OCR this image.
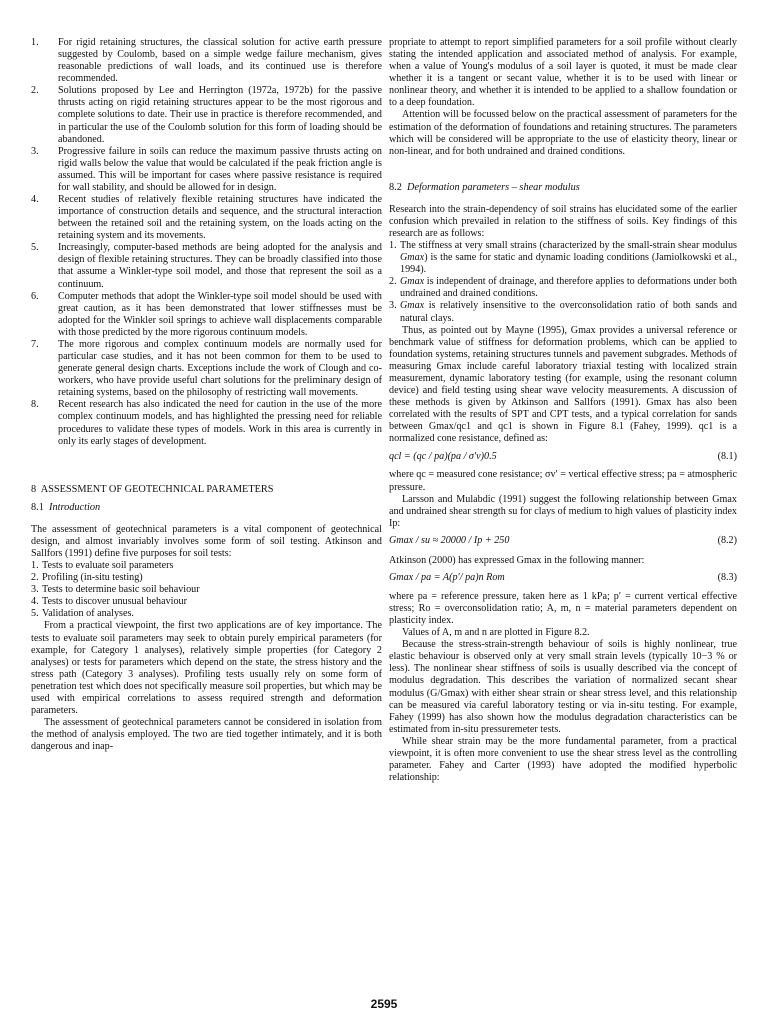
1. For rigid retaining structures, the classical solution for active earth pressure suggested by Coulomb, based on a simple wedge failure mechanism, gives reasonable predictions of wall loads, and its continued use is therefore recommended.
2. Solutions proposed by Lee and Herrington (1972a, 1972b) for the passive thrusts acting on rigid retaining structures appear to be the most rigorous and complete solutions to date. Their use in practice is therefore recommended, and in particular the use of the Coulomb solution for this form of loading should be abandoned.
3. Progressive failure in soils can reduce the maximum passive thrusts acting on rigid walls below the value that would be calculated if the peak friction angle is assumed. This will be important for cases where passive resistance is required for wall stability, and should be allowed for in design.
4. Recent studies of relatively flexible retaining structures have indicated the importance of construction details and sequence, and the structural interaction between the retained soil and the retaining system, on the loads acting on the retaining system and its movements.
5. Increasingly, computer-based methods are being adopted for the analysis and design of flexible retaining structures. They can be broadly classified into those that assume a Winkler-type soil model, and those that represent the soil as a continuum.
6. Computer methods that adopt the Winkler-type soil model should be used with great caution, as it has been demonstrated that lower stiffnesses must be adopted for the Winkler soil springs to achieve wall displacements comparable with those predicted by the more rigorous continuum models.
7. The more rigorous and complex continuum models are normally used for particular case studies, and it has not been common for them to be used to generate general design charts. Exceptions include the work of Clough and co-workers, who have provide useful chart solutions for the preliminary design of retaining systems, based on the philosophy of restricting wall movements.
8. Recent research has also indicated the need for caution in the use of the more complex continuum models, and has highlighted the pressing need for reliable procedures to validate these types of models. Work in this area is currently in only its early stages of development.

8  ASSESSMENT OF GEOTECHNICAL PARAMETERS

8.1 Introduction

The assessment of geotechnical parameters is a vital component of geotechnical design, and almost invariably involves some form of soil testing. Atkinson and Sallfors (1991) define five purposes for soil tests:

1. Tests to evaluate soil parameters
2. Profiling (in-situ testing)
3. Tests to determine basic soil behaviour
4. Tests to discover unusual behaviour
5. Validation of analyses.

From a practical viewpoint, the first two applications are of key importance. The tests to evaluate soil parameters may seek to obtain purely empirical parameters (for example, for Category 1 analyses), relatively simple properties (for Category 2 analyses) or tests for parameters which depend on the state, the stress history and the stress path (Category 3 analyses). Profiling tests usually rely on some form of penetration test which does not specifically measure soil properties, but which may be used with empirical correlations to assess required strength and deformation parameters.

The assessment of geotechnical parameters cannot be considered in isolation from the method of analysis employed. The two are tied together intimately, and it is both dangerous and inap-

propriate to attempt to report simplified parameters for a soil profile without clearly stating the intended application and associated method of analysis. For example, when a value of Young's modulus of a soil layer is quoted, it must be made clear whether it is a tangent or secant value, whether it is to be used with linear or nonlinear theory, and whether it is intended to be applied to a shallow foundation or to a deep foundation.

Attention will be focussed below on the practical assessment of parameters for the estimation of the deformation of foundations and retaining structures. The parameters which will be considered will be appropriate to the use of elasticity theory, linear or non-linear, and for both undrained and drained conditions.

8.2 Deformation parameters – shear modulus

Research into the strain-dependency of soil strains has elucidated some of the earlier confusion which prevailed in relation to the stiffness of soils. Key findings of this research are as follows:

1. The stiffness at very small strains (characterized by the small-strain shear modulus Gmax) is the same for static and dynamic loading conditions (Jamiolkowski et al., 1994).
2. Gmax is independent of drainage, and therefore applies to deformations under both undrained and drained conditions.
3. Gmax is relatively insensitive to the overconsolidation ratio of both sands and natural clays.

Thus, as pointed out by Mayne (1995), Gmax provides a universal reference or benchmark value of stiffness for deformation problems, which can be applied to foundation systems, retaining structures tunnels and pavement subgrades. Methods of measuring Gmax include careful laboratory triaxial testing with localized strain measurement, dynamic laboratory testing (for example, using the resonant column device) and field testing using shear wave velocity measurements. A discussion of these methods is given by Atkinson and Sallfors (1991). Gmax has also been correlated with the results of SPT and CPT tests, and a typical correlation for sands between Gmax/qc1 and qc1 is shown in Figure 8.1 (Fahey, 1999). qc1 is a normalized cone resistance, defined as:

qcl = (qc / pa)(pa / σ′v)0.5	(8.1)

where qc = measured cone resistance; σv′ = vertical effective stress; pa = atmospheric pressure.

Larsson and Mulabdic (1991) suggest the following relationship between Gmax and undrained shear strength su for clays of medium to high values of plasticity index Ip:

Gmax / su ≈ 20000 / Ip + 250	(8.2)

Atkinson (2000) has expressed Gmax in the following manner:

Gmax / pa = A(p′/ pa)n Rom	(8.3)

where pa = reference pressure, taken here as 1 kPa; p′ = current vertical effective stress; Ro = overconsolidation ratio; A, m, n = material parameters dependent on plasticity index.

Values of A, m and n are plotted in Figure 8.2.

Because the stress-strain-strength behaviour of soils is highly nonlinear, true elastic behaviour is observed only at very small strain levels (typically 10−3 % or less). The nonlinear shear stiffness of soils is usually described via the concept of modulus degradation. This describes the variation of normalized secant shear modulus (G/Gmax) with either shear strain or shear stress level, and this relationship can be measured via careful laboratory testing or via in-situ testing. For example, Fahey (1999) has also shown how the modulus degradation characteristics can be estimated from in-situ pressuremeter tests.

While shear strain may be the more fundamental parameter, from a practical viewpoint, it is often more convenient to use the shear stress level as the controlling parameter. Fahey and Carter (1993) have adopted the modified hyperbolic relationship:

2595
